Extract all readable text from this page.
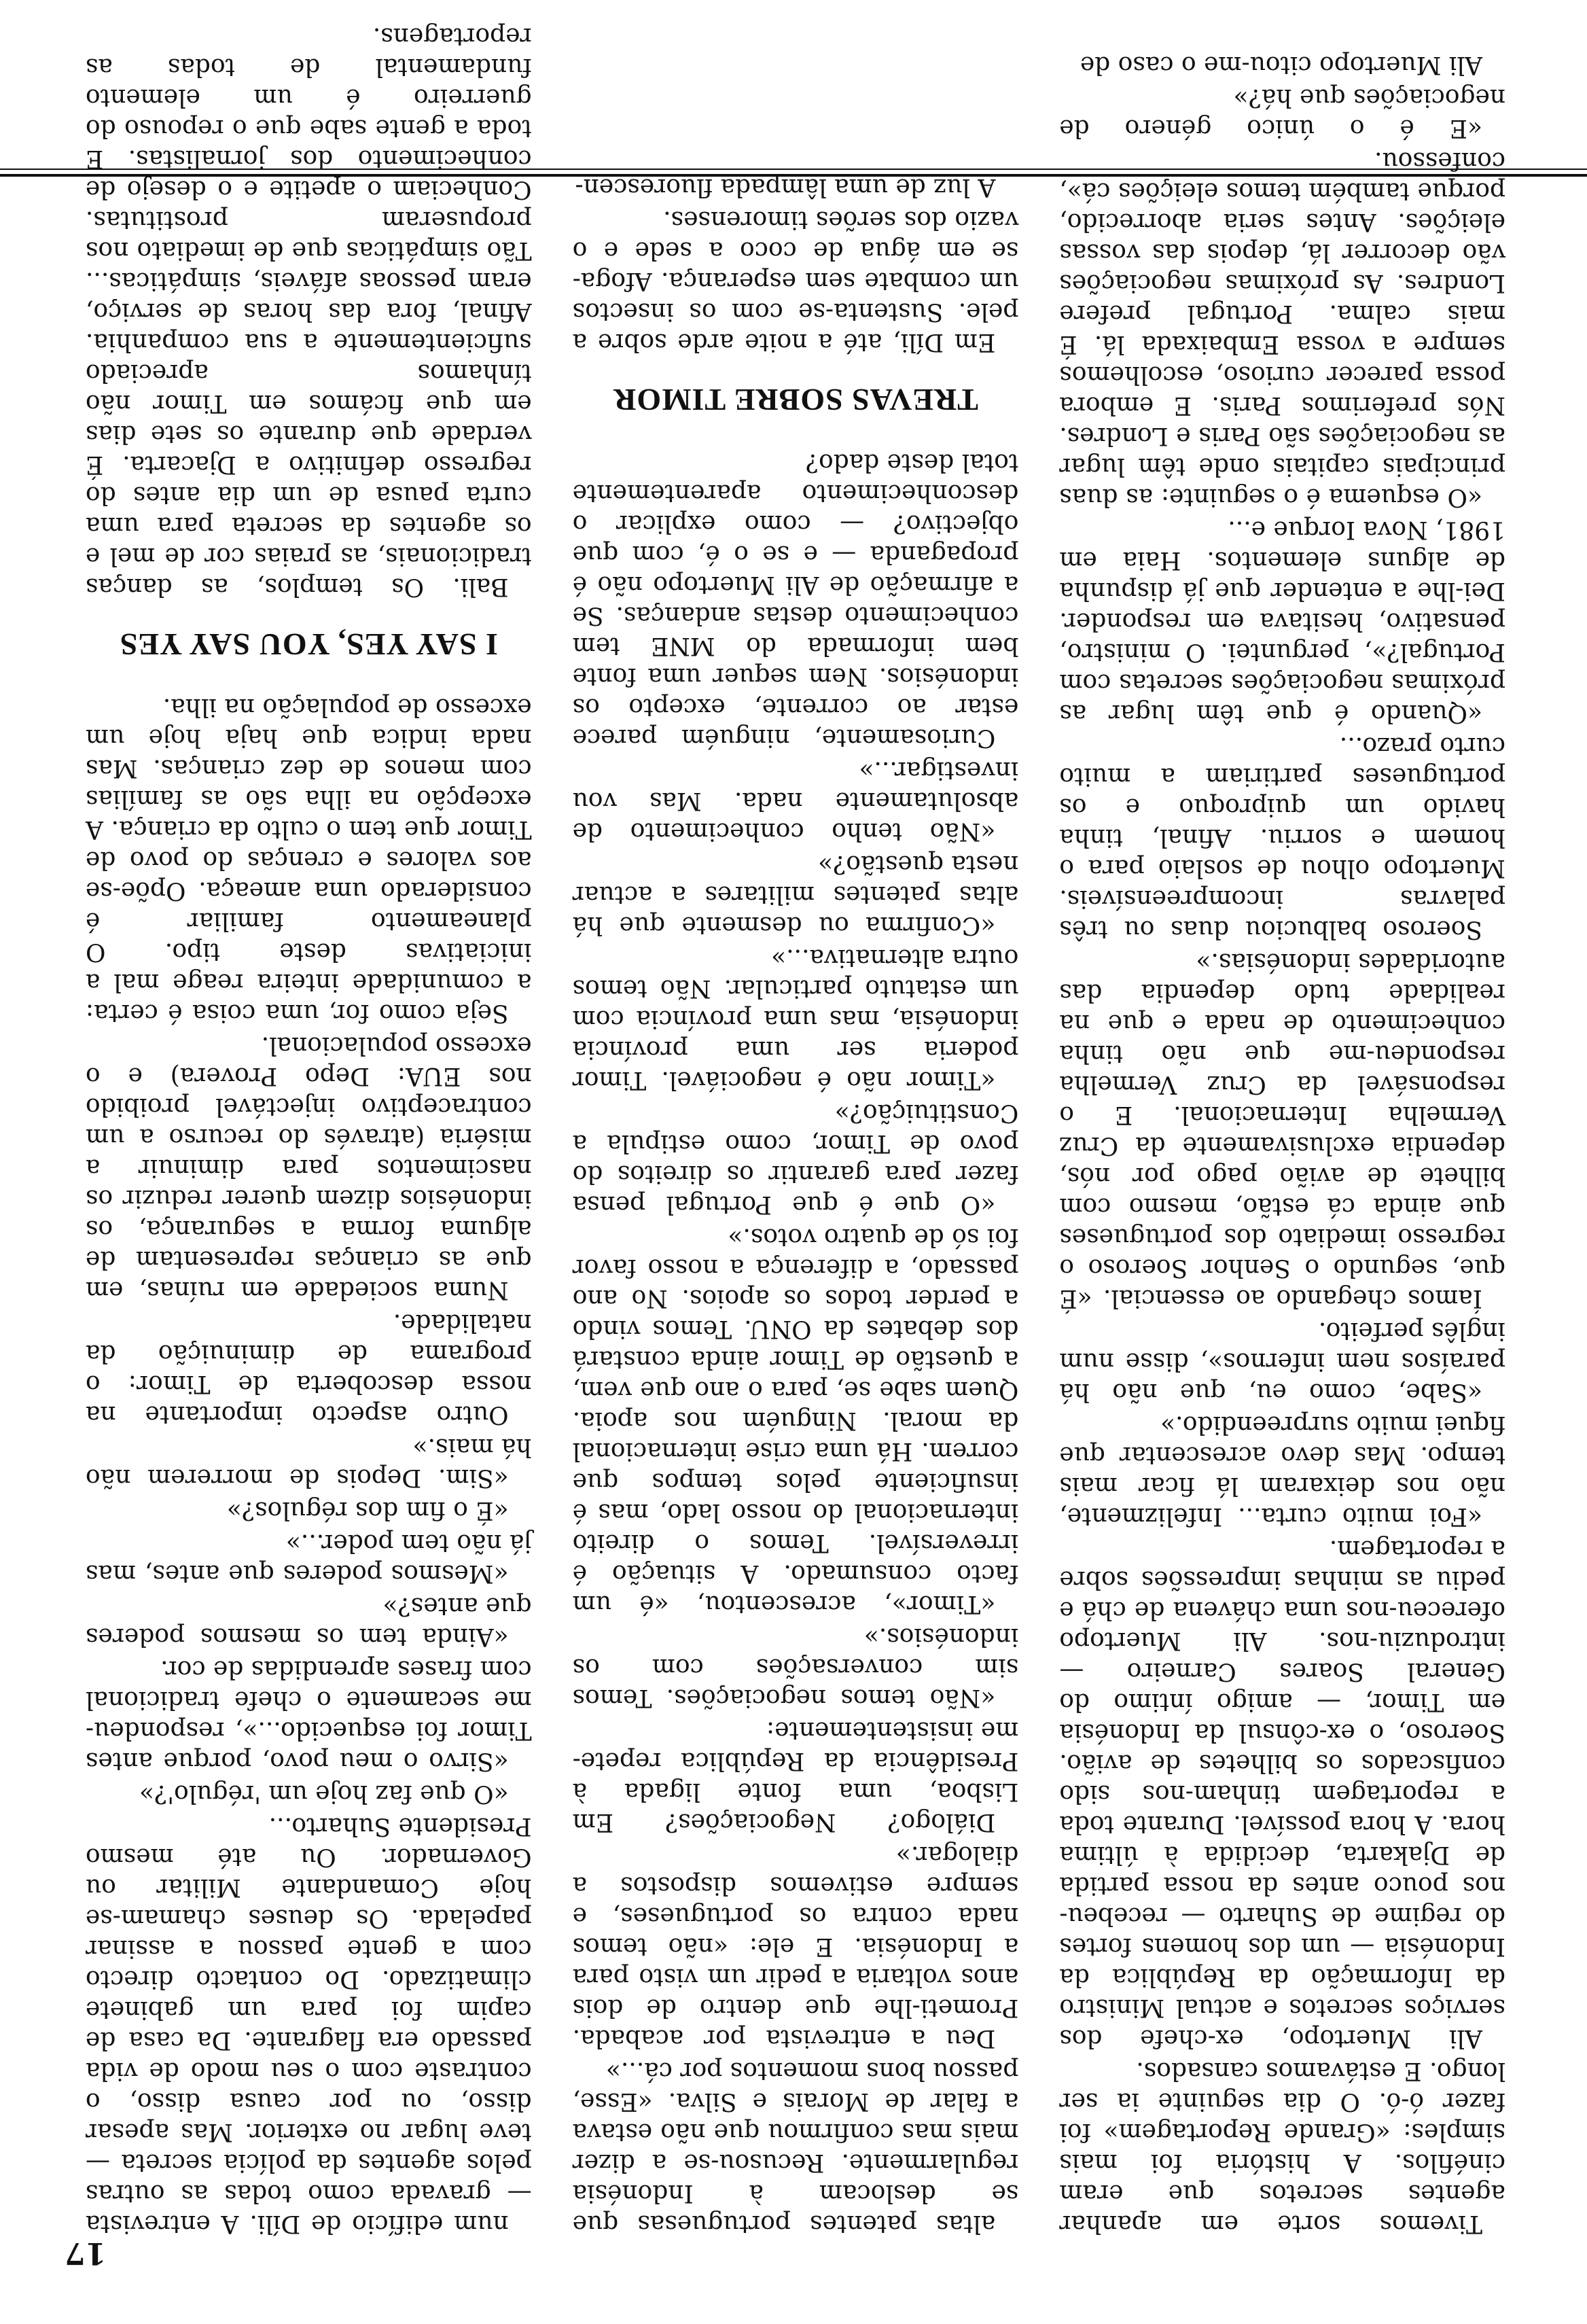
17

Tivemos sorte em apanhar agentes secretos que eram cinéfilos. A história foi mais simples: «Grande Reportagem» foi fazer ó-ó. O dia seguinte ia ser longo. E estávamos cansados.

Ali Muertopo, ex-chefe dos serviços secretos e actual Ministro da Informação da República da Indonésia — um dos homens fortes do regime de Suharto — recebeu-nos pouco antes da nossa partida de Djakarta, decidida à última hora. A hora possível. Durante toda a reportagem tinham-nos sido confiscados os bilhetes de avião. Soeroso, o ex-cônsul da Indonésia em Timor, — amigo íntimo do General Soares Carneiro — introduziu-nos. Ali Muertopo ofereceu-nos uma chávena de chá e pediu as minhas impressões sobre a reportagem.

«Foi muito curta... Infelizmente, não nos deixaram lá ficar mais tempo. Mas devo acrescentar que fiquei muito surpreendido.»

«Sabe, como eu, que não há paraísos nem infernos», disse num inglês perfeito.

Íamos chegando ao essencial. «É que, segundo o Senhor Soeroso o regresso imediato dos portugueses que ainda cá estão, mesmo com bilhete de avião pago por nós, dependia exclusivamente da Cruz Vermelha Internacional. E o responsável da Cruz Vermelha respondeu-me que não tinha conhecimento de nada e que na realidade tudo dependia das autoridades indonésias.»

Soeroso balbuciou duas ou três palavras incompreensíveis. Muertopo olhou de soslaio para o homem e sorriu. Afinal, tinha havido um quiproquo e os portugueses partiriam a muito curto prazo...

«Quando é que têm lugar as próximas negociações secretas com Portugal?», perguntei. O ministro, pensativo, hesitava em responder. Dei-lhe a entender que já dispunha de alguns elementos. Haia em 1981, Nova Iorque e...

«O esquema é o seguinte: as duas principais capitais onde têm lugar as negociações são Paris e Londres. Nós preferimos Paris. E embora possa parecer curioso, escolhemos sempre a vossa Embaixada lá. É mais calma. Portugal prefere Londres. As próximas negociações vão decorrer lá, depois das vossas eleições. Antes seria aborrecido, porque também temos eleições cá», confessou.

«E é o único género de negociações que há?»

Ali Muertopo citou-me o caso de

altas patentes portuguesas que se deslocam à Indonésia regularmente. Recusou-se a dizer mais mas confirmou que não estava a falar de Morais e Silva. «Esse, passou bons momentos por cá...»

Deu a entrevista por acabada. Prometi-lhe que dentro de dois anos voltaria a pedir um visto para a Indonésia. E ele: «não temos nada contra os portugueses, e sempre estivemos dispostos a dialogar.»

Diálogo? Negociações? Em Lisboa, uma fonte ligada à Presidência da República repete-me insistentemente:

«Não temos negociações. Temos sim conversações com os indonésios.»

«Timor», acrescentou, «é um facto consumado. A situação é irreversível. Temos o direito internacional do nosso lado, mas é insuficiente pelos tempos que correm. Há uma crise internacional da moral. Ninguém nos apoia. Quem sabe se, para o ano que vem, a questão de Timor ainda constará dos debates da ONU. Temos vindo a perder todos os apoios. No ano passado, a diferença a nosso favor foi só de quatro votos.»

«O que é que Portugal pensa fazer para garantir os direitos do povo de Timor, como estipula a Constituição?»

«Timor não é negociável. Timor poderia ser uma província indonésia, mas uma província com um estatuto particular. Não temos outra alternativa...»

«Confirma ou desmente que há altas patentes militares a actuar nesta questão?»

«Não tenho conhecimento de absolutamente nada. Mas vou investigar...»

Curiosamente, ninguém parece estar ao corrente, excepto os indonésios. Nem sequer uma fonte bem informada do MNE tem conhecimento destas andanças. Se a afirmação de Ali Muertopo não é propaganda — e se o é, com que objectivo? — como explicar o desconhecimento aparentemente total deste dado?

TREVAS SOBRE TIMOR

Em Díli, até a noite arde sobre a pele. Sustenta-se com os insectos um combate sem esperança. Afoga-se em água de coco a sede e o vazio dos serões timorenses.

A luz de uma lâmpada fluorescen-

num edifício de Díli. A entrevista — gravada como todas as outras pelos agentes da polícia secreta — teve lugar no exterior. Mas apesar disso, ou por causa disso, o contraste com o seu modo de vida passado era flagrante. Da casa de capim foi para um gabinete climatizado. Do contacto directo com a gente passou a assinar papelada. Os deuses chamam-se hoje Comandante Militar ou Governador. Ou até mesmo Presidente Suharto...

«O que faz hoje um 'régulo'?»

«Sirvo o meu povo, porque antes Timor foi esquecido...», respondeu-me secamente o chefe tradicional com frases aprendidas de cor.

«Ainda tem os mesmos poderes que antes?»

«Mesmos poderes que antes, mas já não tem poder...»

«É o fim dos régulos?»

«Sim. Depois de morrerem não há mais.»

Outro aspecto importante na nossa descoberta de Timor: o programa de diminuição da natalidade.

Numa sociedade em ruínas, em que as crianças representam de alguma forma a segurança, os indonésios dizem querer reduzir os nascimentos para diminuir a miséria (através do recurso a um contraceptivo injectável proibido nos EUA: Depo Provera) e o excesso populacional.

Seja como for, uma coisa é certa: a comunidade inteira reage mal a iniciativas deste tipo. O planeamento familiar é considerado uma ameaça. Opõe-se aos valores e crenças do povo de Timor que tem o culto da criança. A excepção na ilha são as famílias com menos de dez crianças. Mas nada indica que haja hoje um excesso de população na ilha.

I SAY YES, YOU SAY YES

Bali. Os templos, as danças tradicionais, as praias cor de mel e os agentes da secreta para uma curta pausa de um dia antes do regresso definitivo a Djacarta. É verdade que durante os sete dias em que ficámos em Timor não tínhamos apreciado suficientemente a sua companhia. Afinal, fora das horas de serviço, eram pessoas afáveis, simpáticas... Tão simpáticas que de imediato nos propuseram prostitutas. Conheciam o apetite e o desejo de conhecimento dos jornalistas. E toda a gente sabe que o repouso do guerreiro é um elemento fundamental de todas as reportagens.
